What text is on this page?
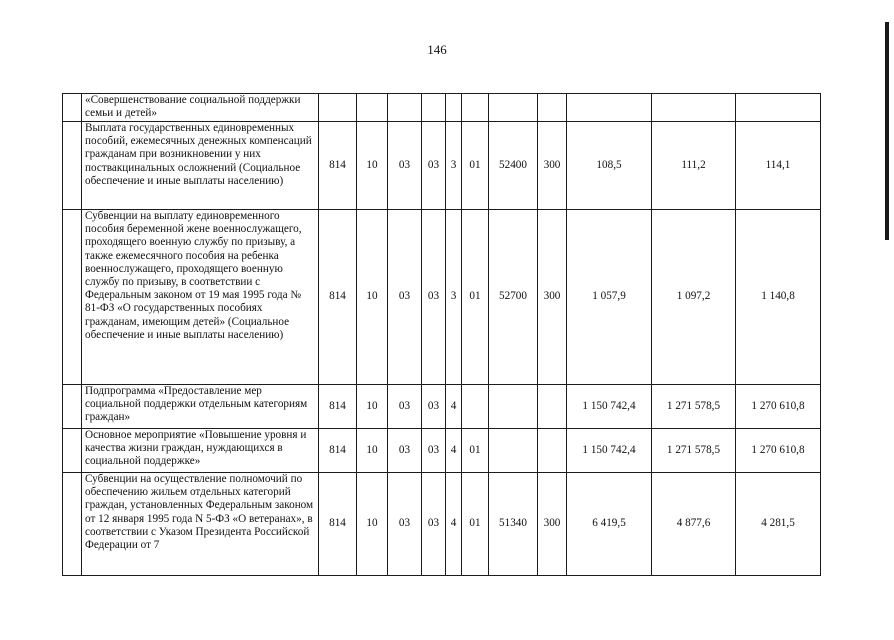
146
	«Совершенствование социальной поддержки семьи и детей»											
	Выплата государственных единовременных пособий, ежемесячных денежных компенсаций гражданам при возникновении у них поствакцинальных осложнений (Социальное обеспечение и иные выплаты населению)	814	10	03	03	3	01	52400	300	108,5	111,2	114,1
	Субвенции на выплату единовременного пособия беременной жене военнослужащего, проходящего военную службу по призыву, а также ежемесячного пособия на ребенка военнослужащего, проходящего военную службу по призыву, в соответствии с Федеральным законом от 19 мая 1995 года № 81-ФЗ «О государственных пособиях гражданам, имеющим детей» (Социальное обеспечение и иные выплаты населению)	814	10	03	03	3	01	52700	300	1 057,9	1 097,2	1 140,8
	Подпрограмма «Предоставление мер социальной поддержки отдельным категориям граждан»	814	10	03	03	4				1 150 742,4	1 271 578,5	1 270 610,8
	Основное мероприятие «Повышение уровня и качества жизни граждан, нуждающихся в социальной поддержке»	814	10	03	03	4	01			1 150 742,4	1 271 578,5	1 270 610,8
	Субвенции на осуществление полномочий по обеспечению жильем отдельных категорий граждан, установленных Федеральным законом от 12 января 1995 года N 5-ФЗ «О ветеранах», в соответствии с Указом Президента Российской Федерации от 7	814	10	03	03	4	01	51340	300	6 419,5	4 877,6	4 281,5
